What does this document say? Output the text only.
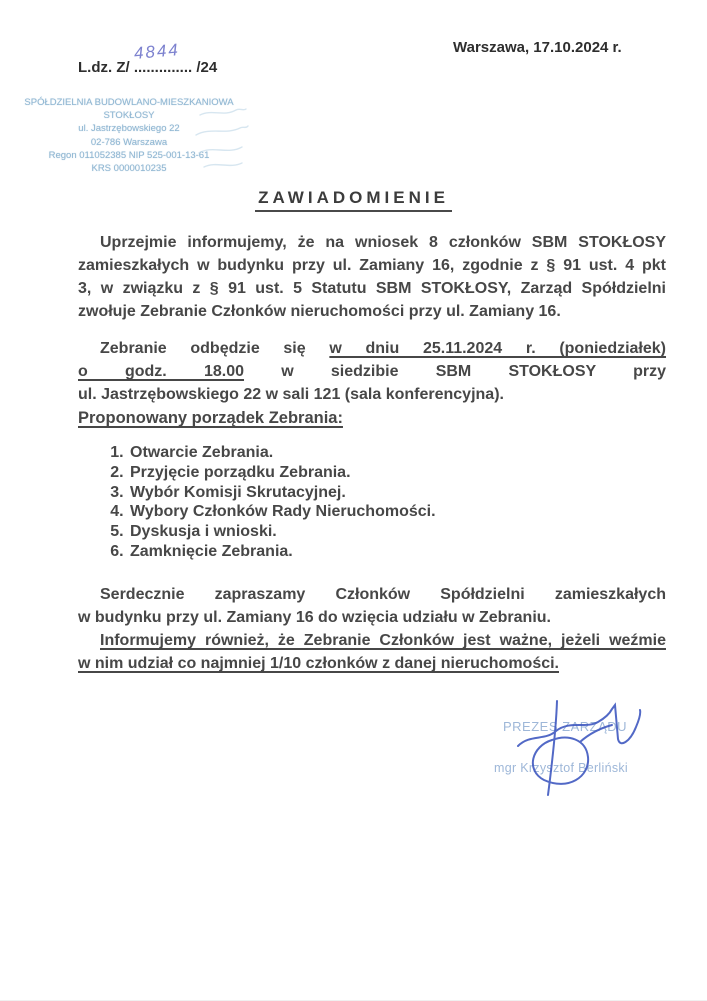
Warszawa, 17.10.2024 r.
L.dz. Z/ .............. /24
4844
SPÓŁDZIELNIA BUDOWLANO-MIESZKANIOWA
STOKŁOSY
ul. Jastrzębowskiego 22
02-786 Warszawa
Regon 011052385 NIP 525-001-13-61
KRS 0000010235
ZAWIADOMIENIE
Uprzejmie informujemy, że na wniosek 8 członków SBM STOKŁOSY
zamieszkałych w budynku przy ul. Zamiany 16, zgodnie z § 91 ust. 4 pkt
3, w związku z § 91 ust. 5 Statutu SBM STOKŁOSY, Zarząd Spółdzielni
zwołuje Zebranie Członków nieruchomości przy ul. Zamiany 16.
Zebranie odbędzie się w dniu 25.11.2024 r. (poniedziałek)
o godz. 18.00 w siedzibie SBM STOKŁOSY przy
ul. Jastrzębowskiego 22 w sali 121 (sala konferencyjna).
Proponowany porządek Zebrania:
1. Otwarcie Zebrania.
2. Przyjęcie porządku Zebrania.
3. Wybór Komisji Skrutacyjnej.
4. Wybory Członków Rady Nieruchomości.
5. Dyskusja i wnioski.
6. Zamknięcie Zebrania.
Serdecznie zapraszamy Członków Spółdzielni zamieszkałych
w budynku przy ul. Zamiany 16 do wzięcia udziału w Zebraniu.
Informujemy również, że Zebranie Członków jest ważne, jeżeli weźmie
w nim udział co najmniej 1/10 członków z danej nieruchomości.
PREZES ZARZĄDU
mgr Krzysztof Berliński
